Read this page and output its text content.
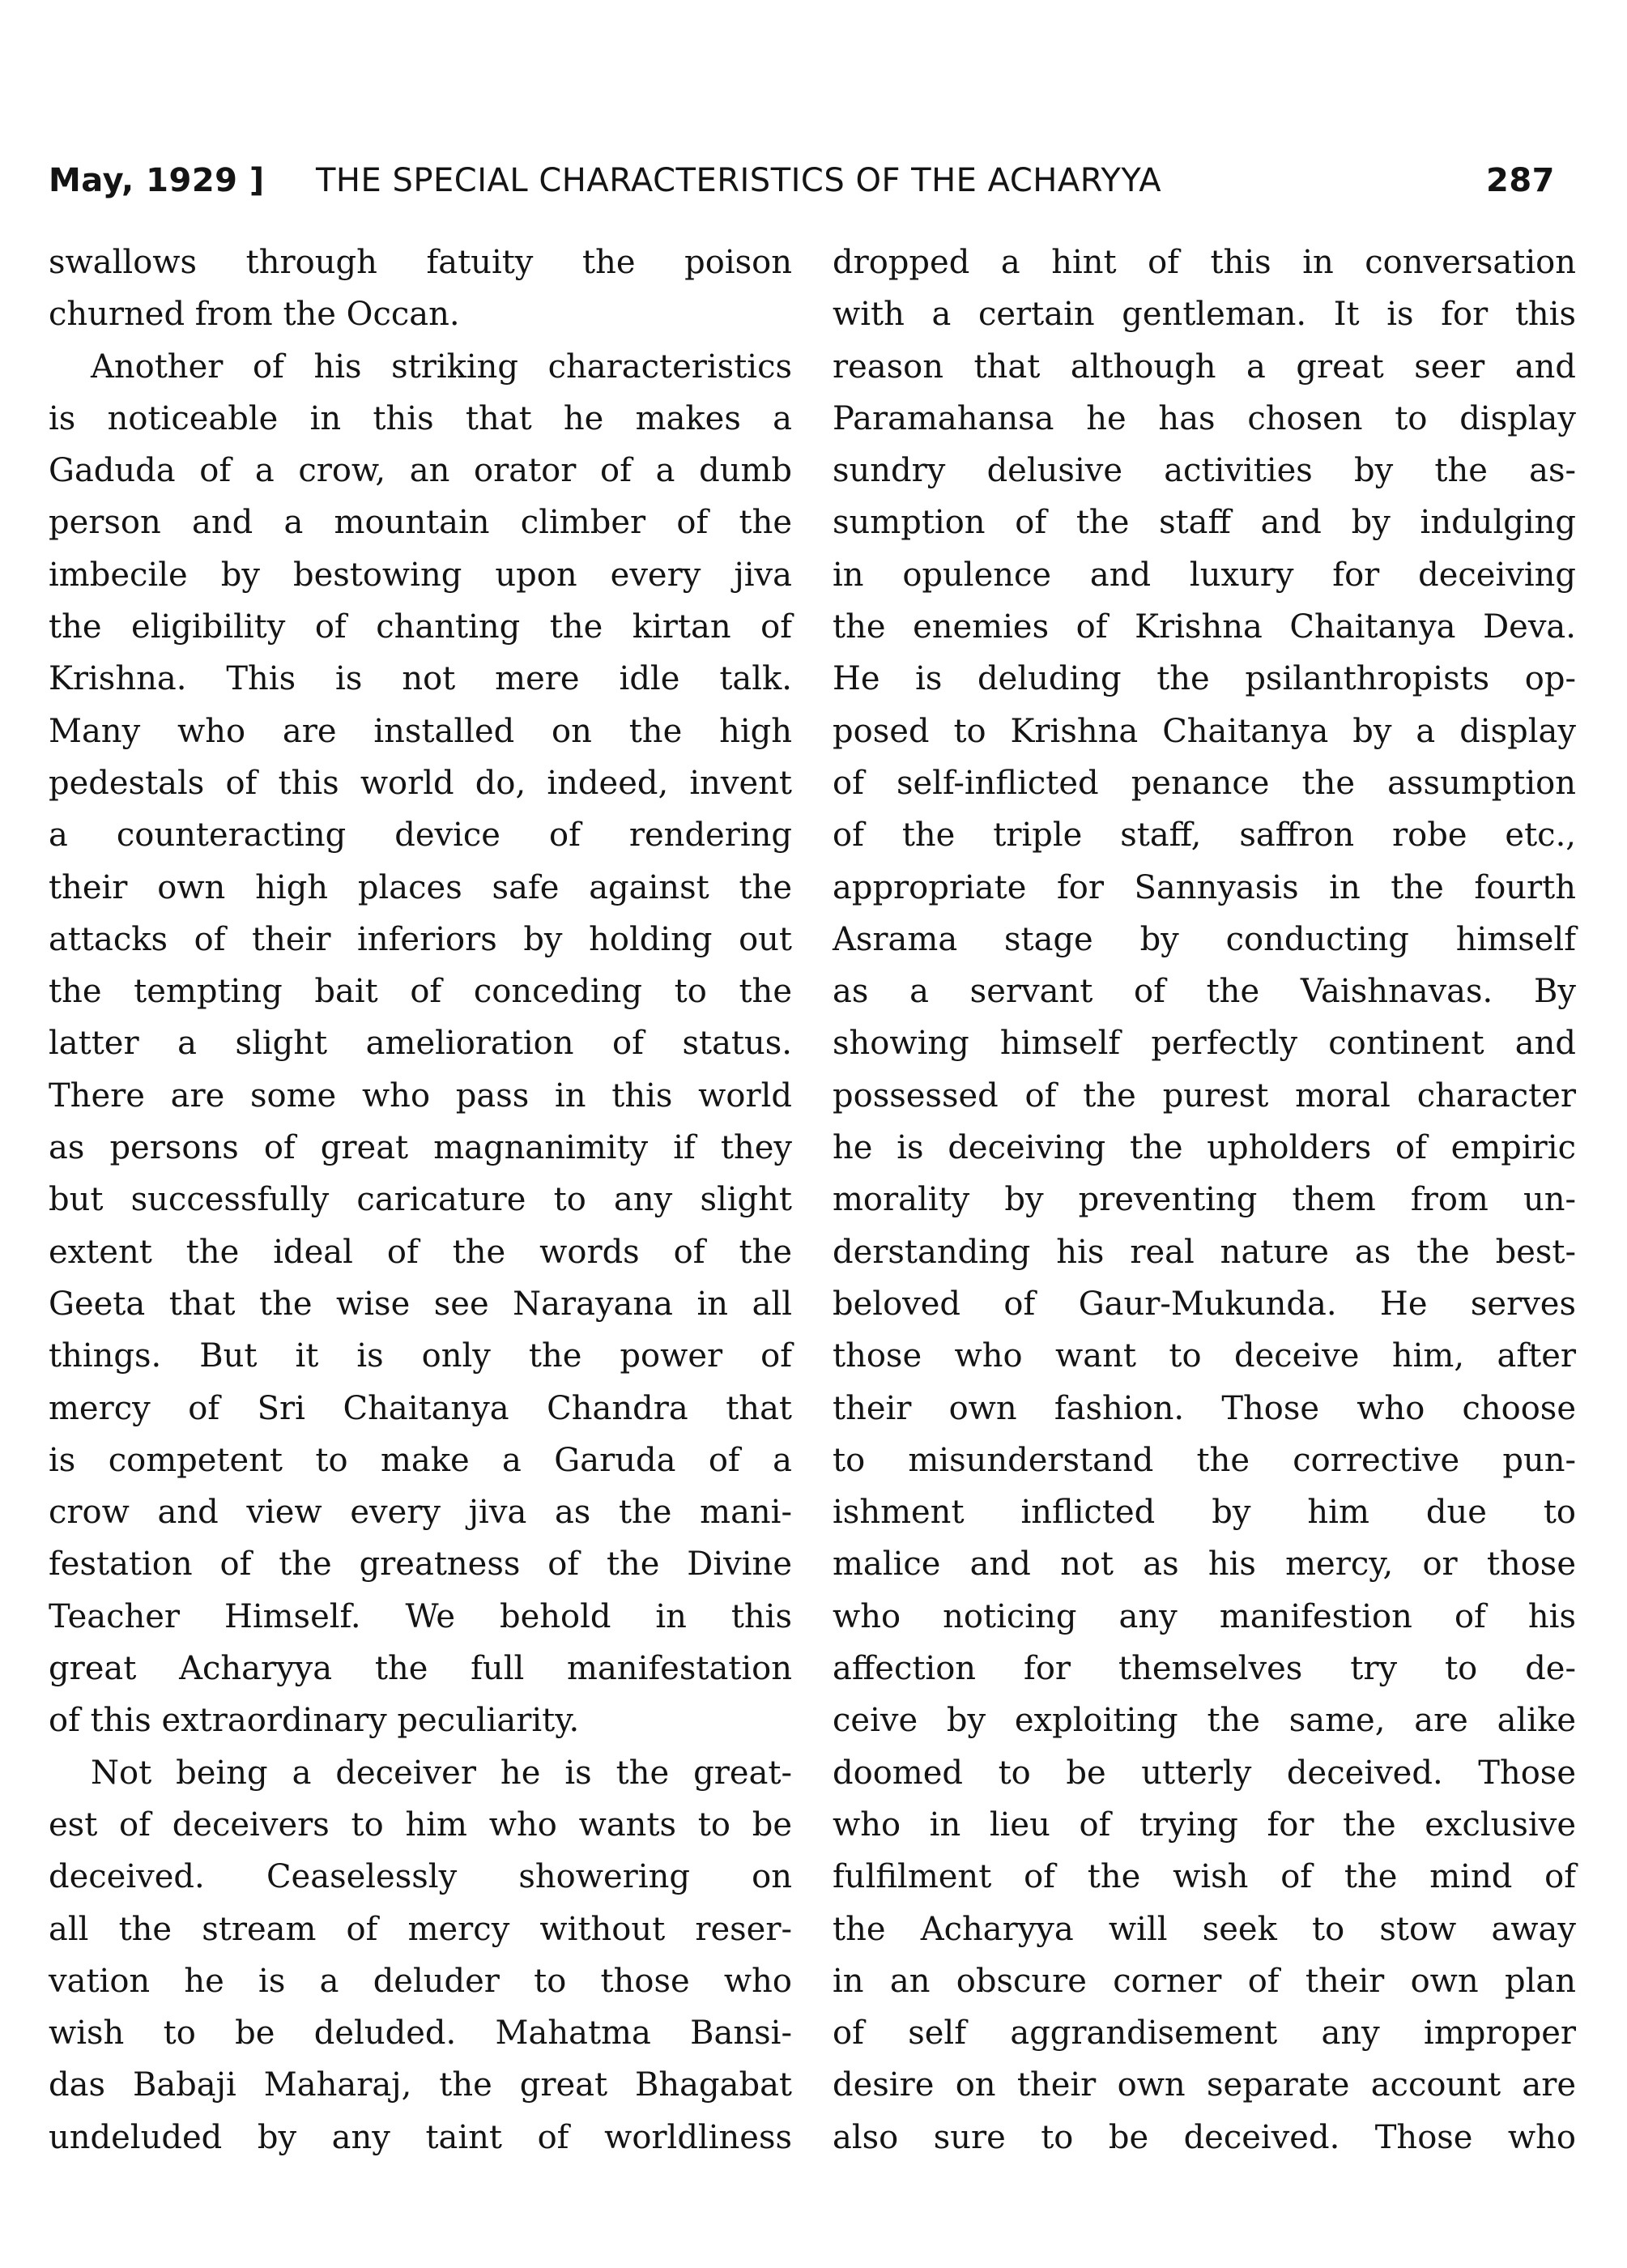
May, 1929 ] THE SPECIAL CHARACTERISTICS OF THE ACHARYYA	287
swallows through fatuity the poison
churned from the Occan.
Another of his striking characteristics
is noticeable in this that he makes a
Gaduda of a crow, an orator of a dumb
person and a mountain climber of the
imbecile by bestowing upon every jiva
the eligibility of chanting the kirtan of
Krishna. This is not mere idle talk.
Many who are installed on the high
pedestals of this world do, indeed, invent
a counteracting device of rendering
their own high places safe against the
attacks of their inferiors by holding out
the tempting bait of conceding to the
latter a slight amelioration of status.
There are some who pass in this world
as persons of great magnanimity if they
but successfully caricature to any slight
extent the ideal of the words of the
Geeta that the wise see Narayana in all
things. But it is only the power of
mercy of Sri Chaitanya Chandra that
is competent to make a Garuda of a
crow and view every jiva as the mani-
festation of the greatness of the Divine
Teacher Himself. We behold in this
great Acharyya the full manifestation
of this extraordinary peculiarity.
Not being a deceiver he is the great-
est of deceivers to him who wants to be
deceived. Ceaselessly showering on
all the stream of mercy without reser-
vation he is a deluder to those who
wish to be deluded. Mahatma Bansi-
das Babaji Maharaj, the great Bhagabat
undeluded by any taint of worldliness
dropped a hint of this in conversation
with a certain gentleman. It is for this
reason that although a great seer and
Paramahansa he has chosen to display
sundry delusive activities by the as-
sumption of the staff and by indulging
in opulence and luxury for deceiving
the enemies of Krishna Chaitanya Deva.
He is deluding the psilanthropists op-
posed to Krishna Chaitanya by a display
of self-inflicted penance the assumption
of the triple staff, saffron robe etc.,
appropriate for Sannyasis in the fourth
Asrama stage by conducting himself
as a servant of the Vaishnavas. By
showing himself perfectly continent and
possessed of the purest moral character
he is deceiving the upholders of empiric
morality by preventing them from un-
derstanding his real nature as the best-
beloved of Gaur-Mukunda. He serves
those who want to deceive him, after
their own fashion. Those who choose
to misunderstand the corrective pun-
ishment inflicted by him due to
malice and not as his mercy, or those
who noticing any manifestion of his
affection for themselves try to de-
ceive by exploiting the same, are alike
doomed to be utterly deceived. Those
who in lieu of trying for the exclusive
fulfilment of the wish of the mind of
the Acharyya will seek to stow away
in an obscure corner of their own plan
of self aggrandisement any improper
desire on their own separate account are
also sure to be deceived. Those who
